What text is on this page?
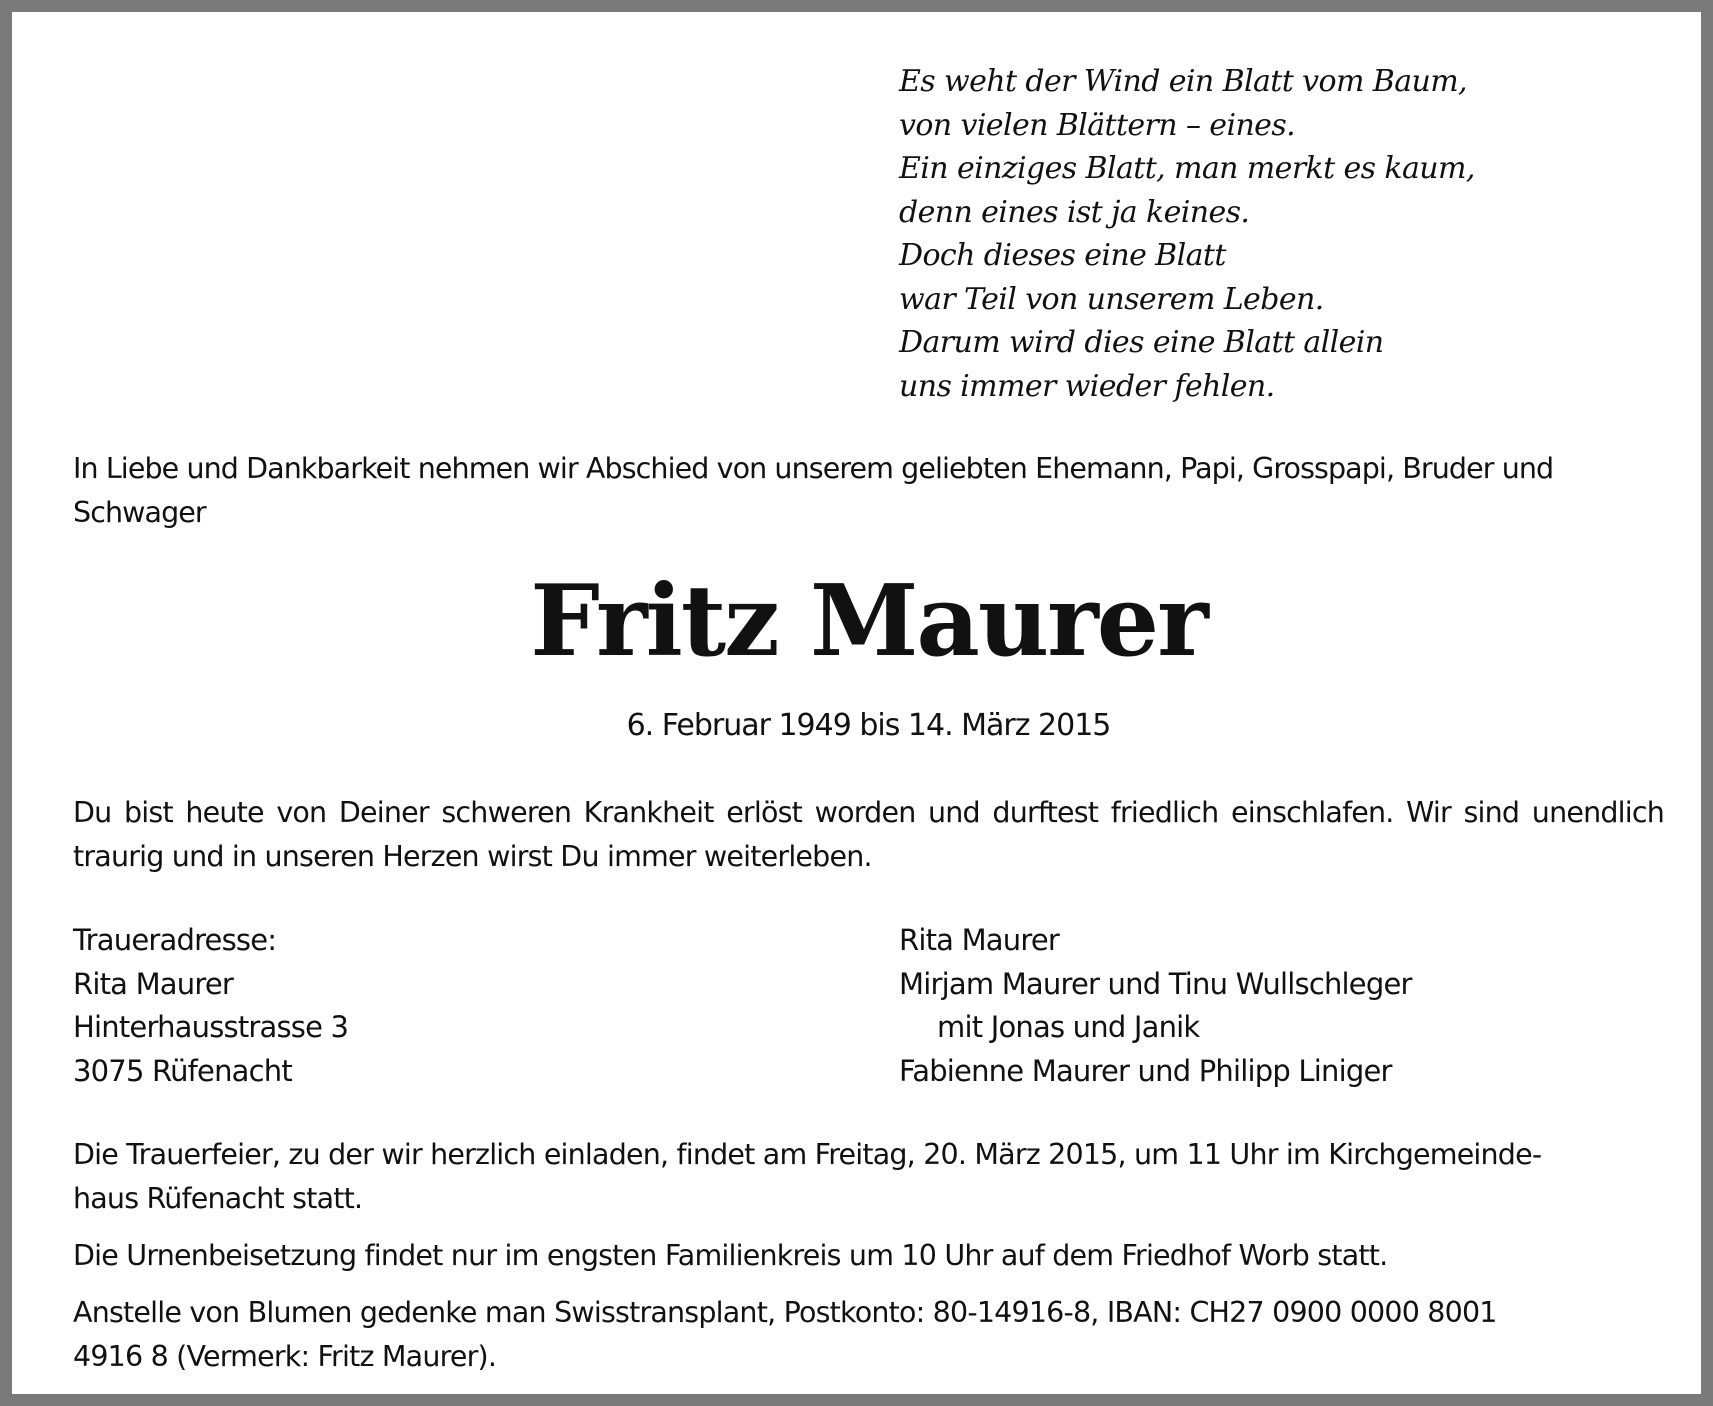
Es weht der Wind ein Blatt vom Baum,
von vielen Blättern – eines.
Ein einziges Blatt, man merkt es kaum,
denn eines ist ja keines.
Doch dieses eine Blatt
war Teil von unserem Leben.
Darum wird dies eine Blatt allein
uns immer wieder fehlen.

In Liebe und Dankbarkeit nehmen wir Abschied von unserem geliebten Ehemann, Papi, Grosspapi, Bruder und Schwager

Fritz Maurer

6. Februar 1949 bis 14. März 2015

Du bist heute von Deiner schweren Krankheit erlöst worden und durftest friedlich einschlafen. Wir sind unendlich traurig und in unseren Herzen wirst Du immer weiterleben.

Traueradresse:
Rita Maurer
Hinterhausstrasse 3
3075 Rüfenacht
Rita Maurer
Mirjam Maurer und Tinu Wullschleger
mit Jonas und Janik
Fabienne Maurer und Philipp Liniger
Die Trauerfeier, zu der wir herzlich einladen, findet am Freitag, 20. März 2015, um 11 Uhr im Kirchgemeinde-
haus Rüfenacht statt.
Die Urnenbeisetzung findet nur im engsten Familienkreis um 10 Uhr auf dem Friedhof Worb statt.
Anstelle von Blumen gedenke man Swisstransplant, Postkonto: 80-14916-8, IBAN: CH27 0900 0000 8001
4916 8 (Vermerk: Fritz Maurer).
